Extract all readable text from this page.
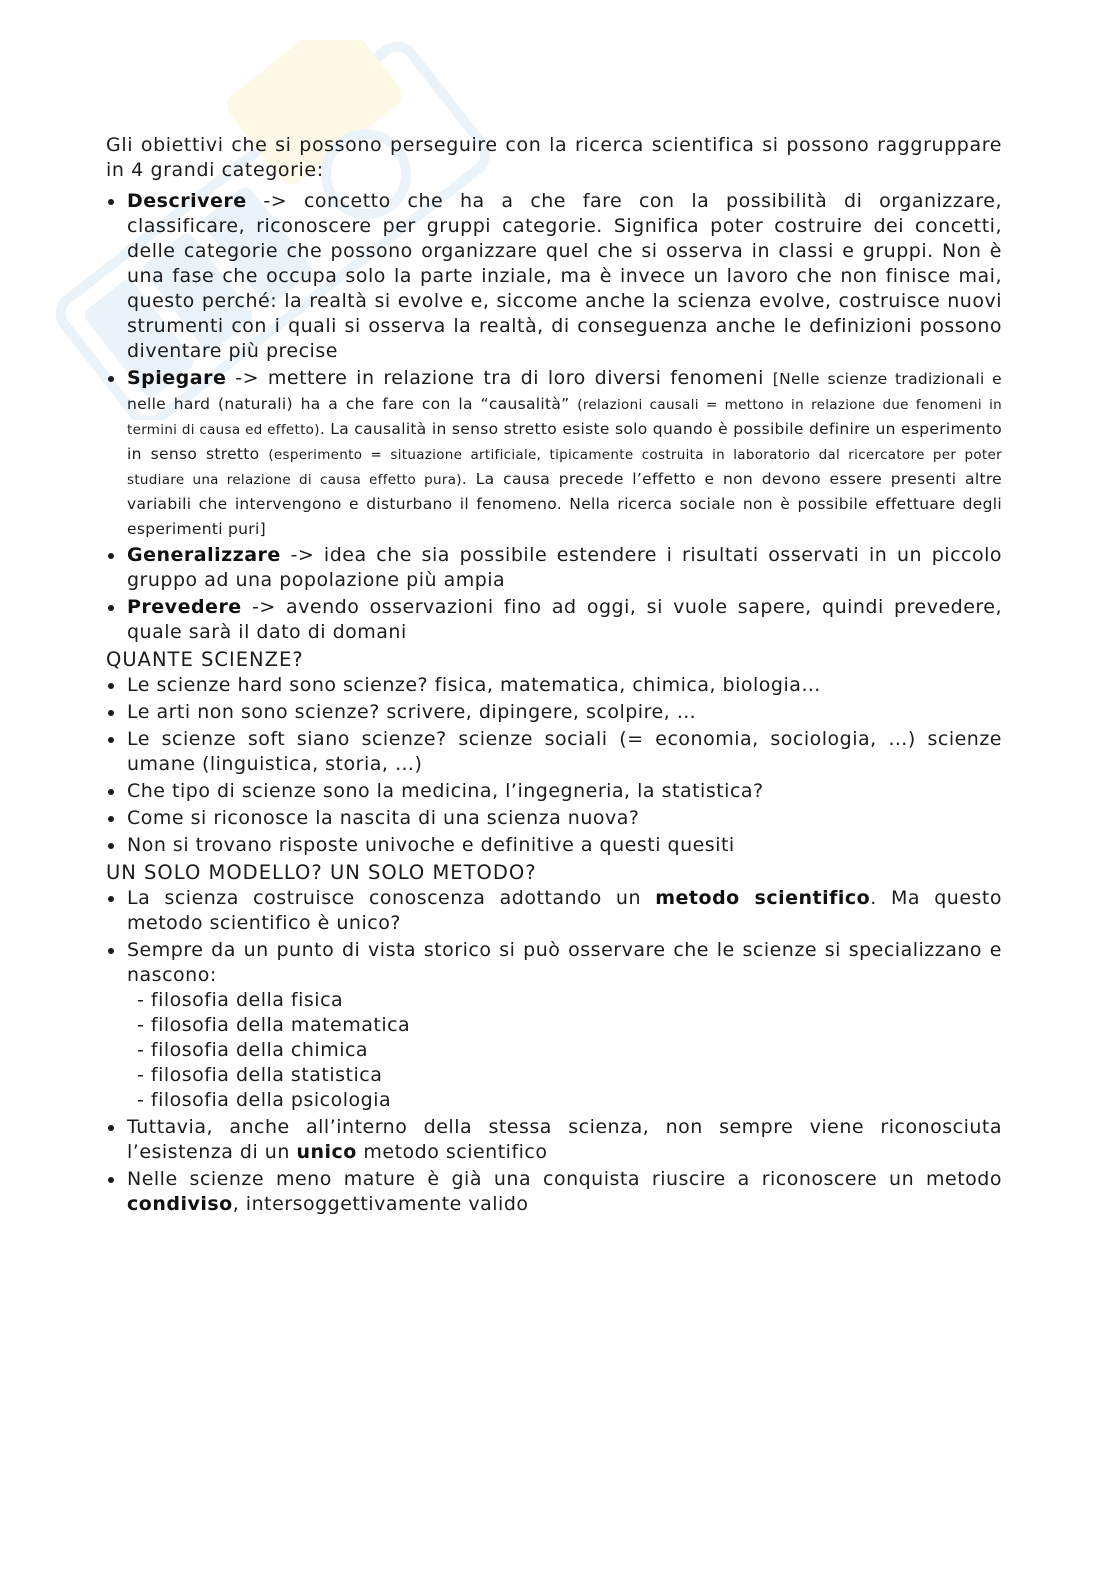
Gli obiettivi che si possono perseguire con la ricerca scientifica si possono raggruppare in 4 grandi categorie:

Descrivere -> concetto che ha a che fare con la possibilità di organizzare, classificare, riconoscere per gruppi categorie. Significa poter costruire dei concetti, delle categorie che possono organizzare quel che si osserva in classi e gruppi. Non è una fase che occupa solo la parte inziale, ma è invece un lavoro che non finisce mai, questo perché: la realtà si evolve e, siccome anche la scienza evolve, costruisce nuovi strumenti con i quali si osserva la realtà, di conseguenza anche le definizioni possono diventare più precise
Spiegare -> mettere in relazione tra di loro diversi fenomeni [Nelle scienze tradizionali e nelle hard (naturali) ha a che fare con la “causalità” (relazioni causali = mettono in relazione due fenomeni in termini di causa ed effetto). La causalità in senso stretto esiste solo quando è possibile definire un esperimento in senso stretto (esperimento = situazione artificiale, tipicamente costruita in laboratorio dal ricercatore per poter studiare una relazione di causa effetto pura). La causa precede l’effetto e non devono essere presenti altre variabili che intervengono e disturbano il fenomeno. Nella ricerca sociale non è possibile effettuare degli esperimenti puri]
Generalizzare -> idea che sia possibile estendere i risultati osservati in un piccolo gruppo ad una popolazione più ampia
Prevedere -> avendo osservazioni fino ad oggi, si vuole sapere, quindi prevedere, quale sarà il dato di domani
QUANTE SCIENZE?
Le scienze hard sono scienze? fisica, matematica, chimica, biologia…
Le arti non sono scienze? scrivere, dipingere, scolpire, …
Le scienze soft siano scienze? scienze sociali (= economia, sociologia, …) scienze umane (linguistica, storia, …)
Che tipo di scienze sono la medicina, l’ingegneria, la statistica?
Come si riconosce la nascita di una scienza nuova?
Non si trovano risposte univoche e definitive a questi quesiti
UN SOLO MODELLO? UN SOLO METODO?
La scienza costruisce conoscenza adottando un metodo scientifico. Ma questo metodo scientifico è unico?
Sempre da un punto di vista storico si può osservare che le scienze si specializzano e nascono:
- filosofia della fisica
- filosofia della matematica
- filosofia della chimica
- filosofia della statistica
- filosofia della psicologia
Tuttavia, anche all’interno della stessa scienza, non sempre viene riconosciuta l’esistenza di un unico metodo scientifico
Nelle scienze meno mature è già una conquista riuscire a riconoscere un metodo condiviso, intersoggettivamente valido
